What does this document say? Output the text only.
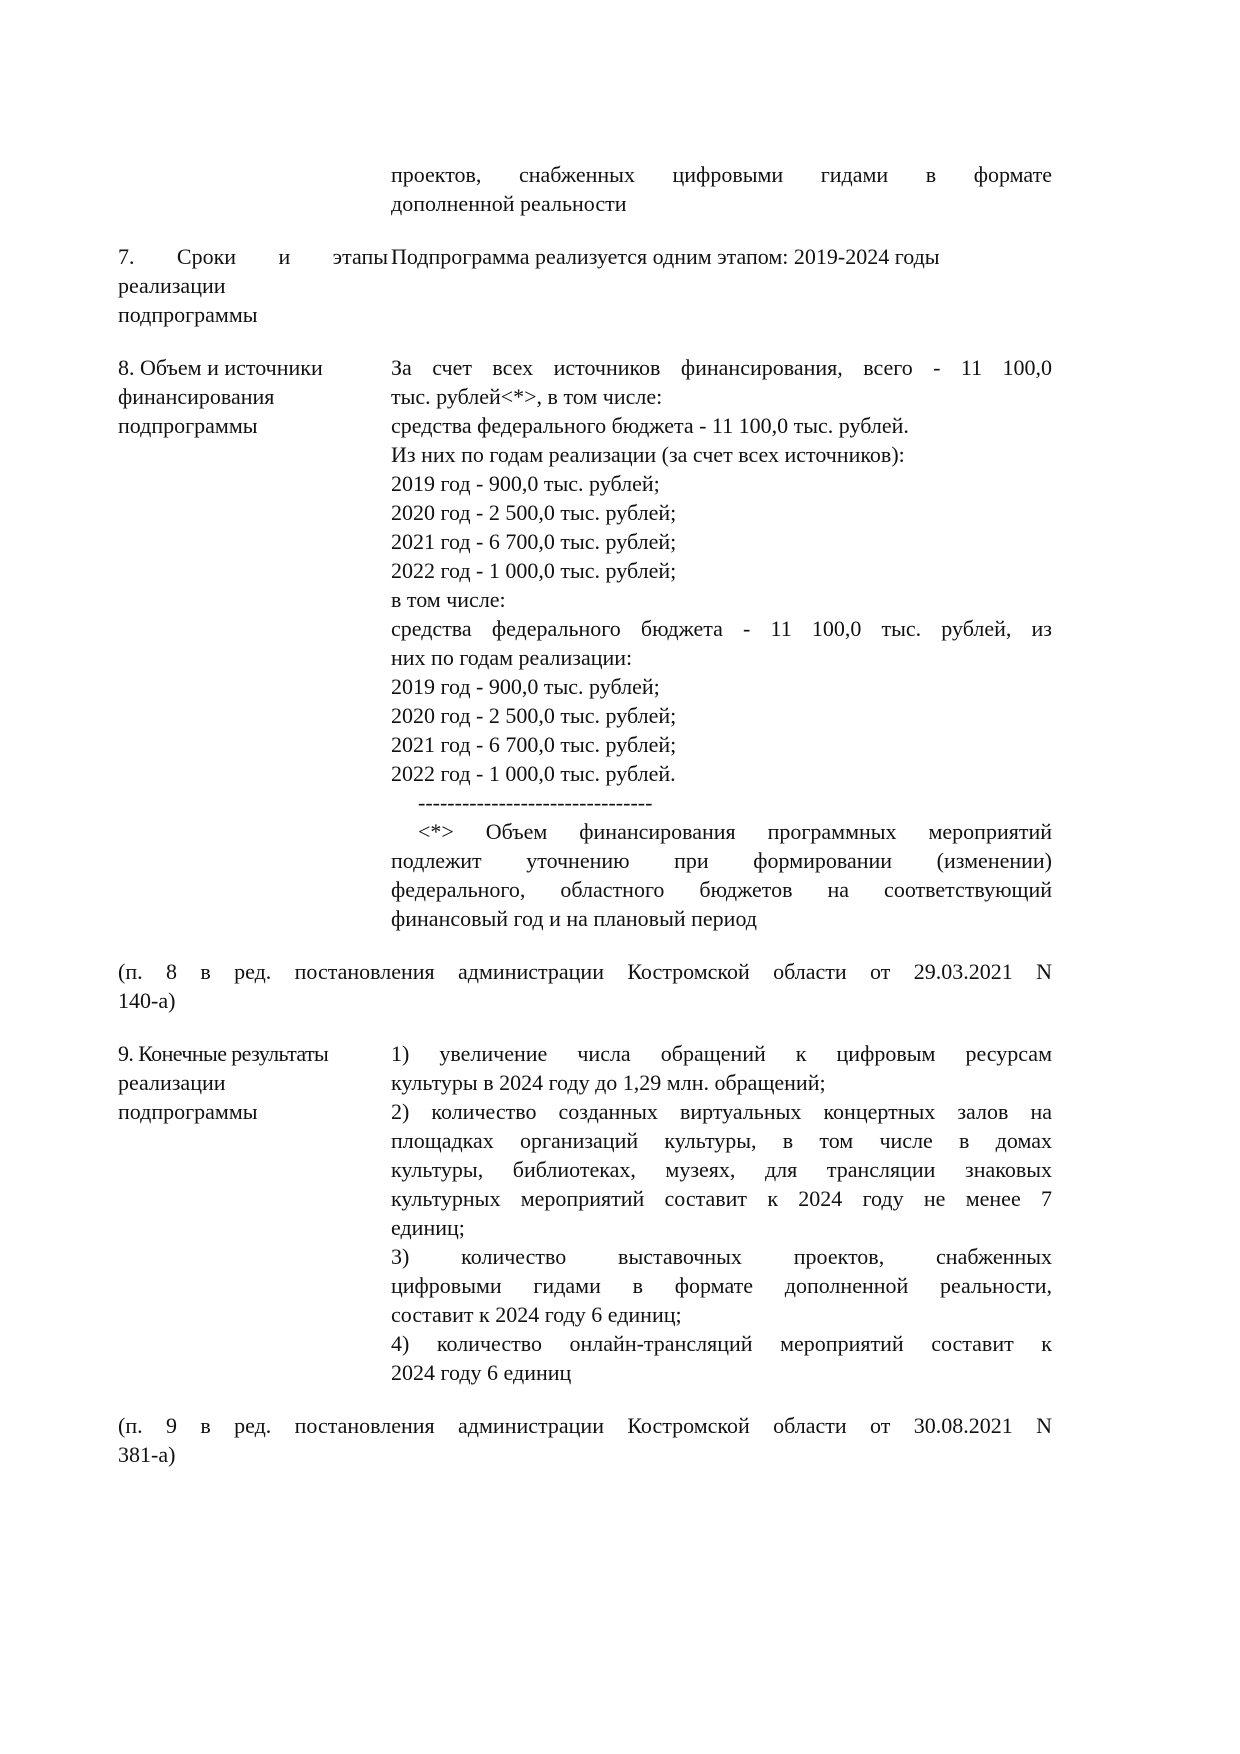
проектов, снабженных цифровыми гидами в формате
дополненной реальности
7. Сроки и этапы
реализации
подпрограммы
Подпрограмма реализуется одним этапом: 2019-2024 годы
8. Объем и источники
финансирования
подпрограммы
За счет всех источников финансирования, всего - 11 100,0
тыс. рублей<*>, в том числе:
средства федерального бюджета - 11 100,0 тыс. рублей.
Из них по годам реализации (за счет всех источников):
2019 год - 900,0 тыс. рублей;
2020 год - 2 500,0 тыс. рублей;
2021 год - 6 700,0 тыс. рублей;
2022 год - 1 000,0 тыс. рублей;
в том числе:
средства федерального бюджета - 11 100,0 тыс. рублей, из
них по годам реализации:
2019 год - 900,0 тыс. рублей;
2020 год - 2 500,0 тыс. рублей;
2021 год - 6 700,0 тыс. рублей;
2022 год - 1 000,0 тыс. рублей.
--------------------------------
<*> Объем финансирования программных мероприятий
подлежит уточнению при формировании (изменении)
федерального, областного бюджетов на соответствующий
финансовый год и на плановый период
(п. 8 в ред. постановления администрации Костромской области от 29.03.2021 N
140-а)
9. Конечные результаты
реализации
подпрограммы
1) увеличение числа обращений к цифровым ресурсам
культуры в 2024 году до 1,29 млн. обращений;
2) количество созданных виртуальных концертных залов на
площадках организаций культуры, в том числе в домах
культуры, библиотеках, музеях, для трансляции знаковых
культурных мероприятий составит к 2024 году не менее 7
единиц;
3) количество выставочных проектов, снабженных
цифровыми гидами в формате дополненной реальности,
составит к 2024 году 6 единиц;
4) количество онлайн-трансляций мероприятий составит к
2024 году 6 единиц
(п. 9 в ред. постановления администрации Костромской области от 30.08.2021 N
381-а)
